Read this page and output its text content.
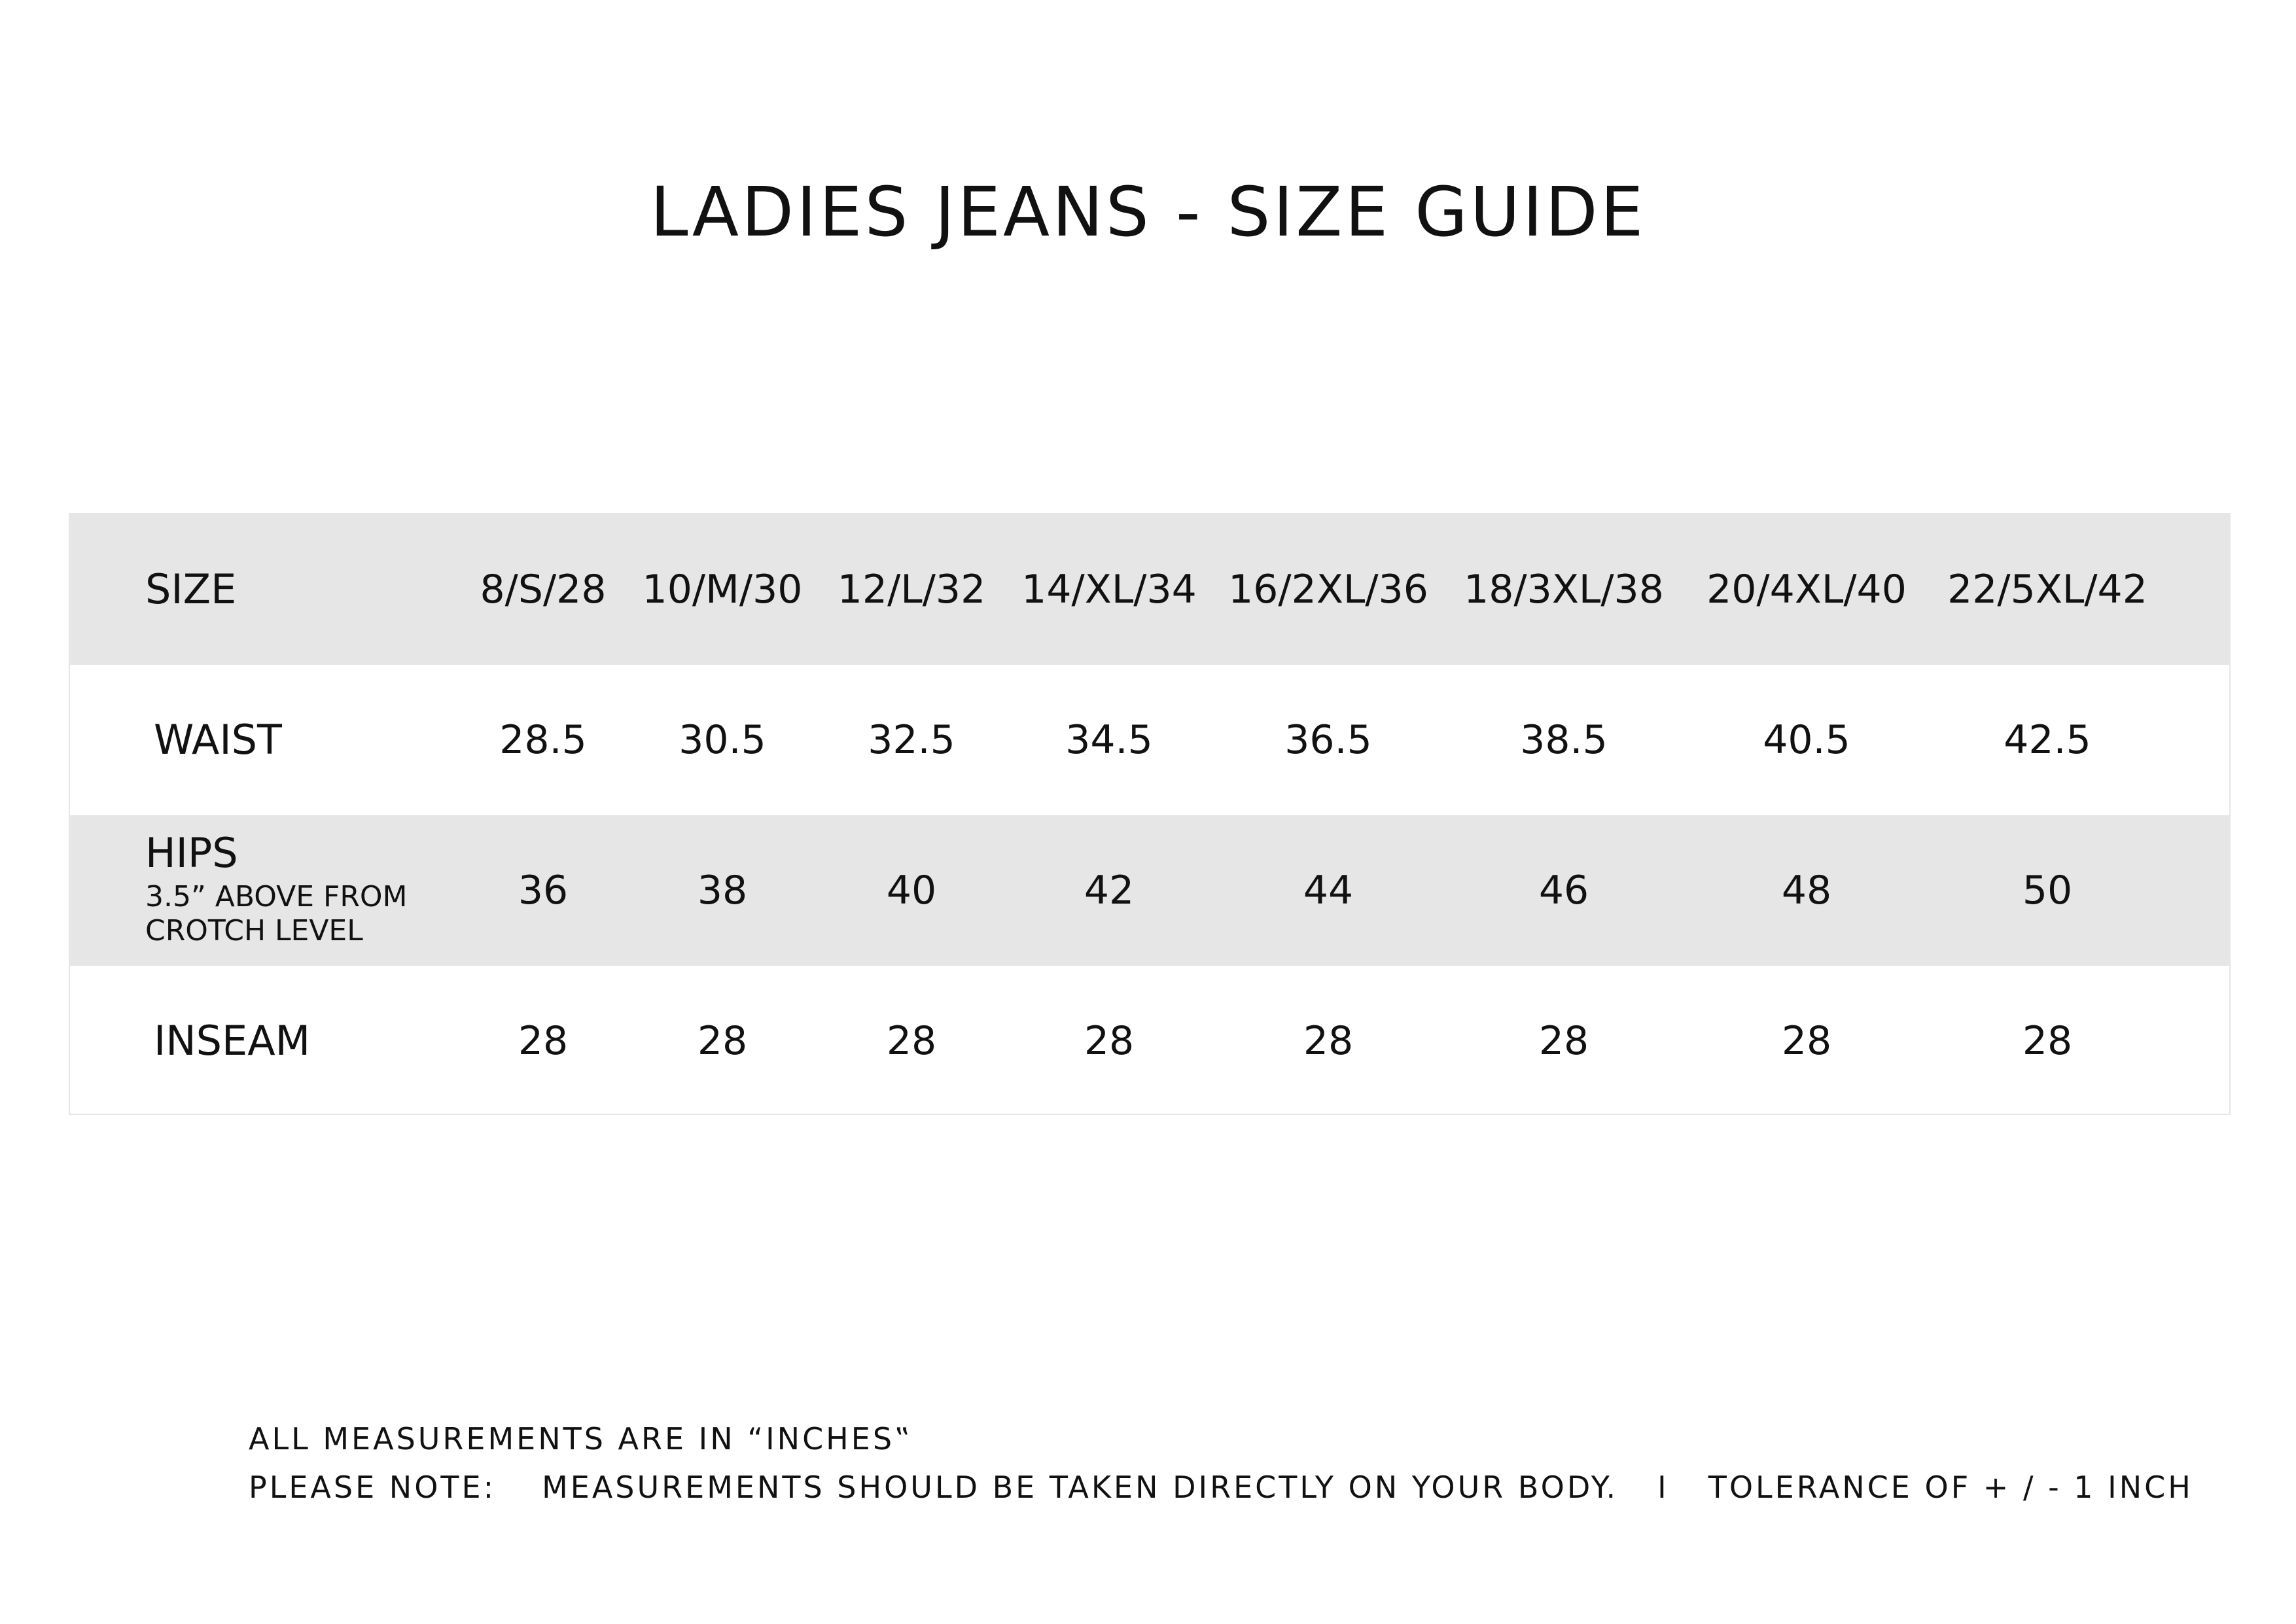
LADIES JEANS - SIZE GUIDE
SIZE	8/S/28 10/M/30 12/L/32 14/XL/34 16/2XL/36 18/3XL/38 20/4XL/40 22/5XL/42
WAIST	28.5	30.5	32.5	34.5	36.5	38.5	40.5	42.5
HIPS
3.5” ABOVE FROM
CROTCH LEVEL
36	38	40	42	44	46	48	50
INSEAM	28	28	28	28	28	28	28	28
ALL MEASUREMENTS ARE IN “INCHES‟
PLEASE NOTE: MEASUREMENTS SHOULD BE TAKEN DIRECTLY ON YOUR BODY. I TOLERANCE OF + / - 1 INCH
